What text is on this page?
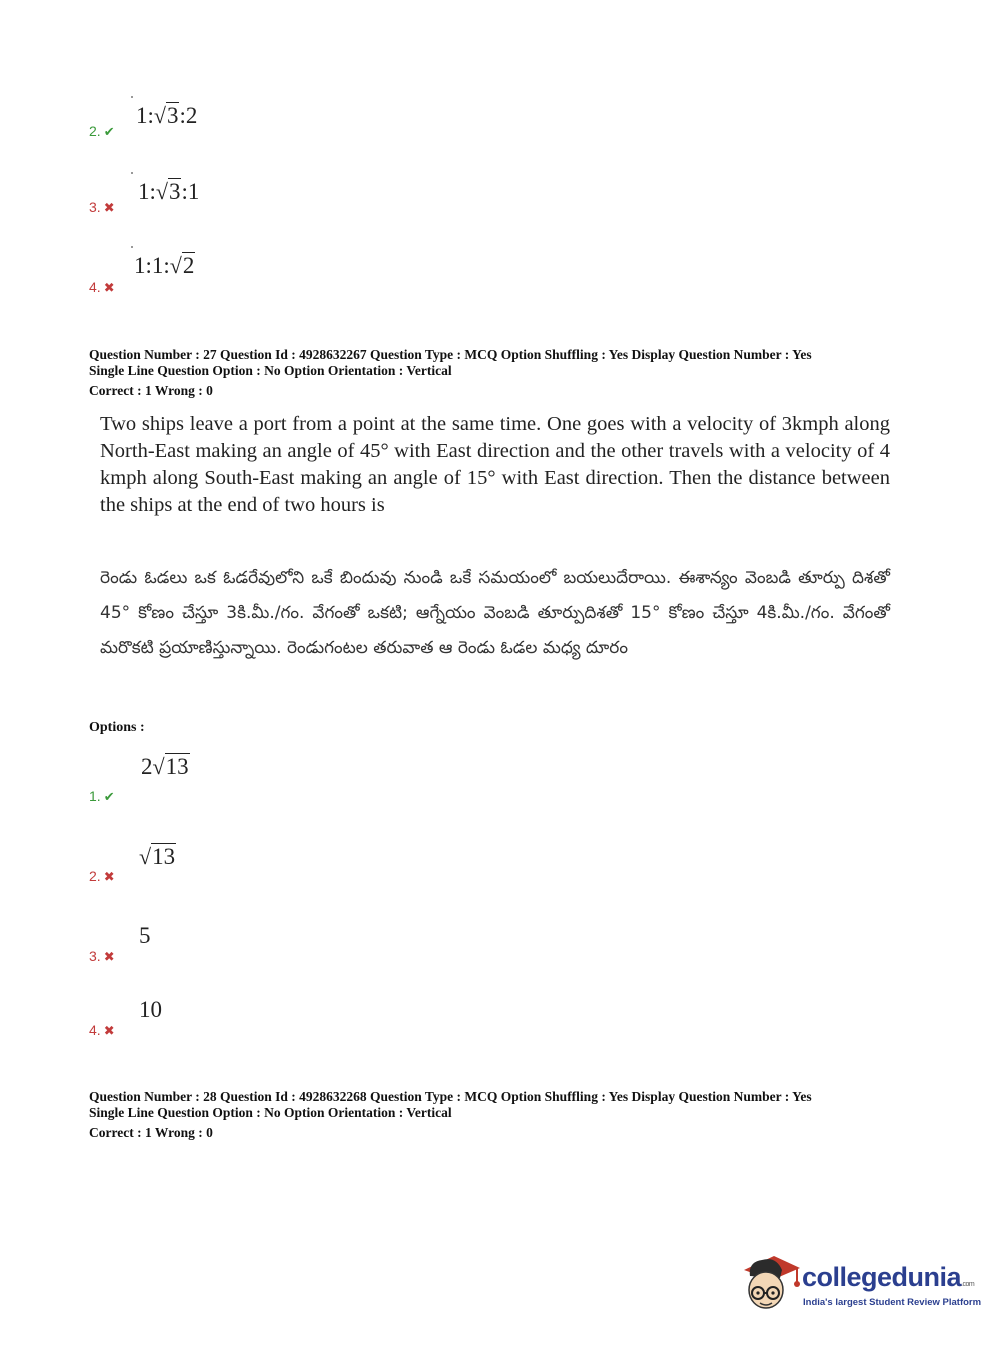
2. ✔
1:√3:2
3. ✖
1:√3:1
4. ✖
1:1:√2
Question Number : 27 Question Id : 4928632267 Question Type : MCQ Option Shuffling : Yes Display Question Number : Yes
Single Line Question Option : No Option Orientation : Vertical
Correct : 1 Wrong : 0
Two ships leave a port from a point at the same time. One goes with a velocity of 3kmph along North-East making an angle of 45° with East direction and the other travels with a velocity of 4 kmph along South-East making an angle of 15° with East direction. Then the distance between the ships at the end of two hours is
రెండు ఓడలు ఒక ఓడరేవులోని ఒకే బిందువు నుండి ఒకే సమయంలో బయలుదేరాయి. ఈశాన్యం వెంబడి తూర్పు దిశతో 45° కోణం చేస్తూ 3కి.మీ./గం. వేగంతో ఒకటి; ఆగ్నేయం వెంబడి తూర్పుదిశతో 15° కోణం చేస్తూ 4కి.మీ./గం. వేగంతో మరొకటి ప్రయాణిస్తున్నాయి. రెండుగంటల తరువాత ఆ రెండు ఓడల మధ్య దూరం
Options :
1. ✔
2√13
2. ✖
√13
3. ✖
5
4. ✖
10
Question Number : 28 Question Id : 4928632268 Question Type : MCQ Option Shuffling : Yes Display Question Number : Yes
Single Line Question Option : No Option Orientation : Vertical
Correct : 1 Wrong : 0
collegedunia.com
India's largest Student Review Platform
